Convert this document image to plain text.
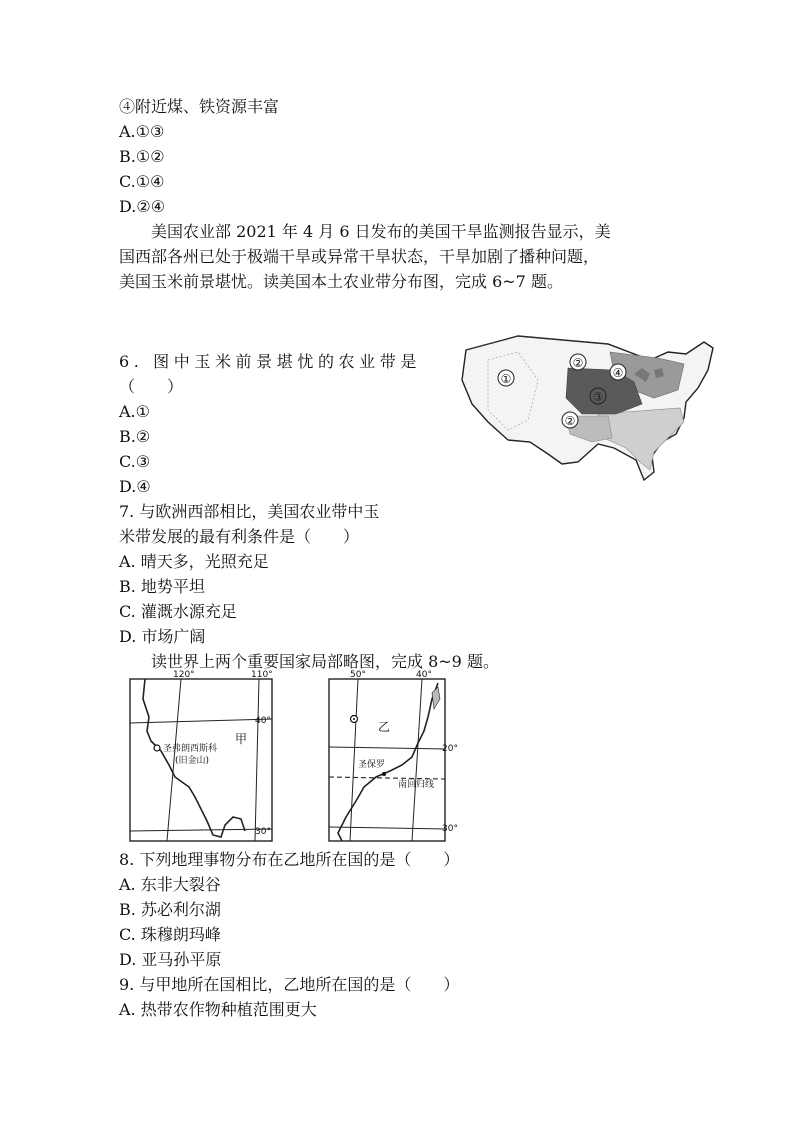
④附近煤、铁资源丰富
A.①③
B.①②
C.①④
D.②④
美国农业部 2021 年 4 月 6 日发布的美国干旱监测报告显示，美
国西部各州已处于极端干旱或异常干旱状态，干旱加剧了播种问题，
美国玉米前景堪忧。读美国本土农业带分布图，完成 6~7 题。
6. 图中玉米前景堪忧的农业带是
（　　）
A.①
B.②
C.③
D.④
7. 与欧洲西部相比，美国农业带中玉
米带发展的最有利条件是（　　）
A. 晴天多，光照充足
B. 地势平坦
C. 灌溉水源充足
D. 市场广阔
读世界上两个重要国家局部略图，完成 8~9 题。
①
②
③
④
②
120°	110°
40°
30°
甲
圣弗朗西斯科
(旧金山)
50°	40°
20°
30°
乙
圣保罗
南回归线
8. 下列地理事物分布在乙地所在国的是（　　）
A. 东非大裂谷
B. 苏必利尔湖
C. 珠穆朗玛峰
D. 亚马孙平原
9. 与甲地所在国相比，乙地所在国的是（　　）
A. 热带农作物种植范围更大
